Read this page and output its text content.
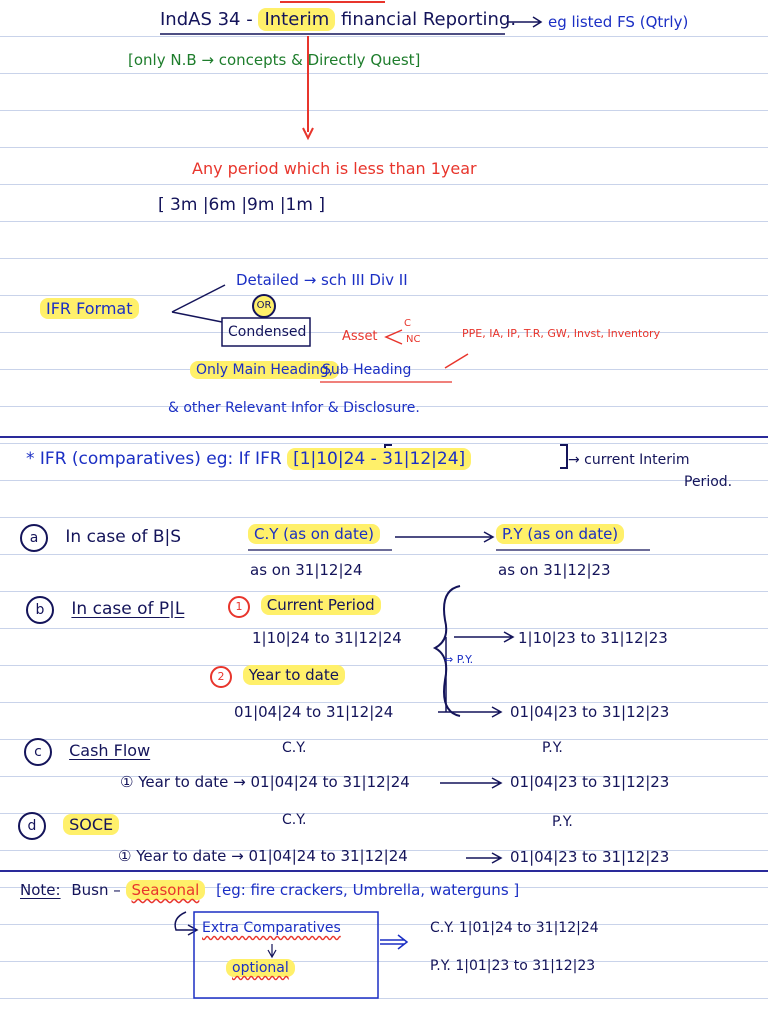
IndAS 34 - Interim financial Reporting. eg listed FS (Qtrly)
[only N.B → concepts & Directly Quest]
Any period which is less than 1year
[ 3m |6m |9m |1m ]
IFR Format
Detailed → sch III Div II
OR
Condensed	Asset
C
NC
Only Main Heading,
Sub Heading
PPE, IA, IP, T.R, GW, Invst, Inventory
& other Relevant Infor & Disclosure.
* IFR (comparatives) eg: If IFR [1|10|24 - 31|12|24]	→ current Interim
Period.
a In case of B|S	C.Y (as on date)	P.Y (as on date)
as on 31|12|24	as on 31|12|23
b In case of P|L	1 Current Period
1|10|24 to 31|12|24	1|10|23 to 31|12|23
⇒ P.Y.
2 Year to date
01|04|24 to 31|12|24	01|04|23 to 31|12|23
c Cash Flow	C.Y.	P.Y.
① Year to date → 01|04|24 to 31|12|24	01|04|23 to 31|12|23
d SOCE	C.Y.	P.Y.
① Year to date → 01|04|24 to 31|12|24	01|04|23 to 31|12|23
Note: Busn – Seasonal [eg: fire crackers, Umbrella, waterguns ]
Extra Comparatives
optional
C.Y. 1|01|24 to 31|12|24
P.Y. 1|01|23 to 31|12|23
